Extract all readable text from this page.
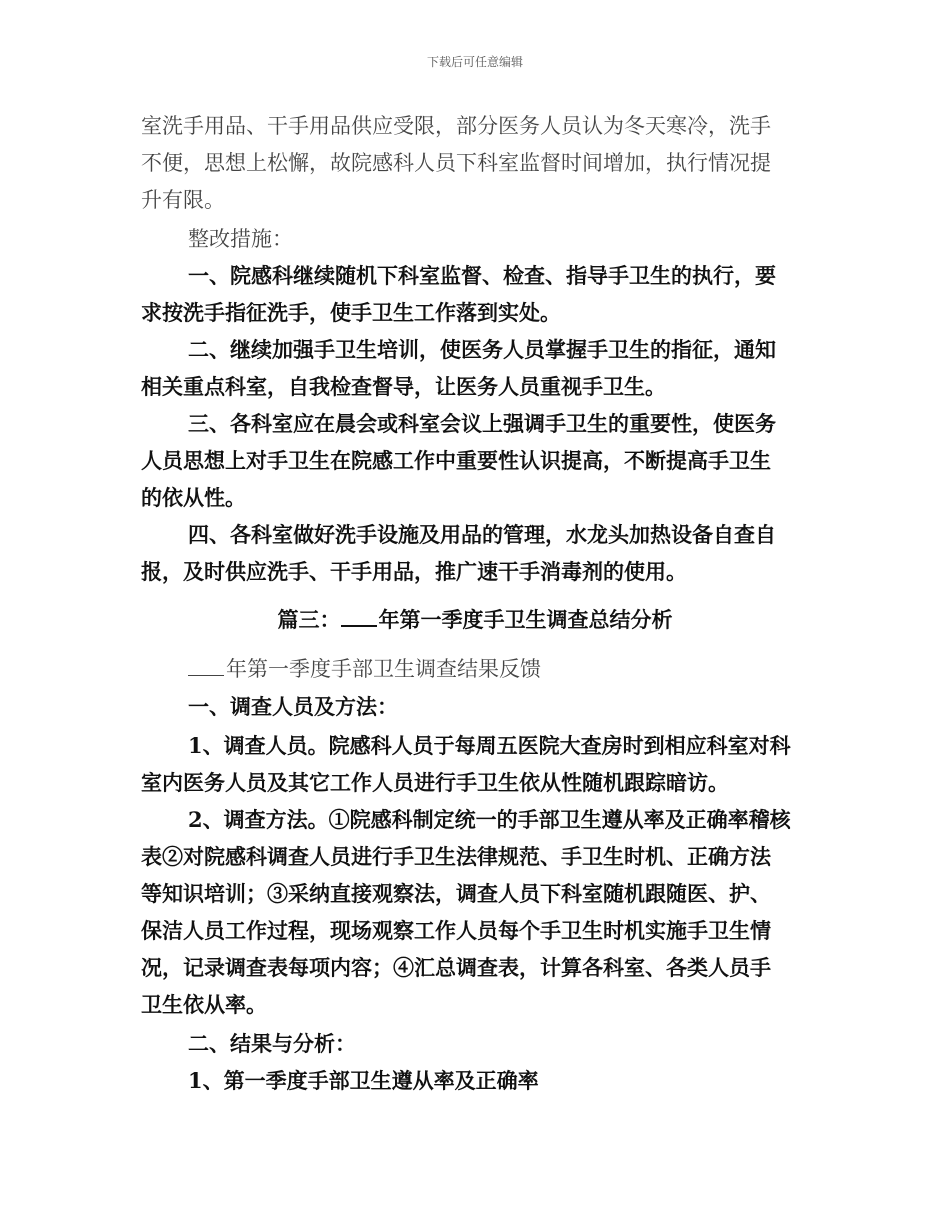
下载后可任意编辑
室洗手用品、干手用品供应受限，部分医务人员认为冬天寒冷，洗手
不便，思想上松懈，故院感科人员下科室监督时间增加，执行情况提
升有限。
整改措施：
一、院感科继续随机下科室监督、检查、指导手卫生的执行，要
求按洗手指征洗手，使手卫生工作落到实处。
二、继续加强手卫生培训，使医务人员掌握手卫生的指征，通知
相关重点科室，自我检查督导，让医务人员重视手卫生。
三、各科室应在晨会或科室会议上强调手卫生的重要性，使医务
人员思想上对手卫生在院感工作中重要性认识提高，不断提高手卫生
的依从性。
四、各科室做好洗手设施及用品的管理，水龙头加热设备自查自
报，及时供应洗手、干手用品，推广速干手消毒剂的使用。
篇三： 年第一季度手卫生调查总结分析
年第一季度手部卫生调查结果反馈
一、调查人员及方法：
1、调查人员。院感科人员于每周五医院大查房时到相应科室对科
室内医务人员及其它工作人员进行手卫生依从性随机跟踪暗访。
2、调查方法。①院感科制定统一的手部卫生遵从率及正确率稽核
表②对院感科调查人员进行手卫生法律规范、手卫生时机、正确方法
等知识培训；③采纳直接观察法，调查人员下科室随机跟随医、护、
保洁人员工作过程，现场观察工作人员每个手卫生时机实施手卫生情
况，记录调查表每项内容；④汇总调查表，计算各科室、各类人员手
卫生依从率。
二、结果与分析：
1、第一季度手部卫生遵从率及正确率
